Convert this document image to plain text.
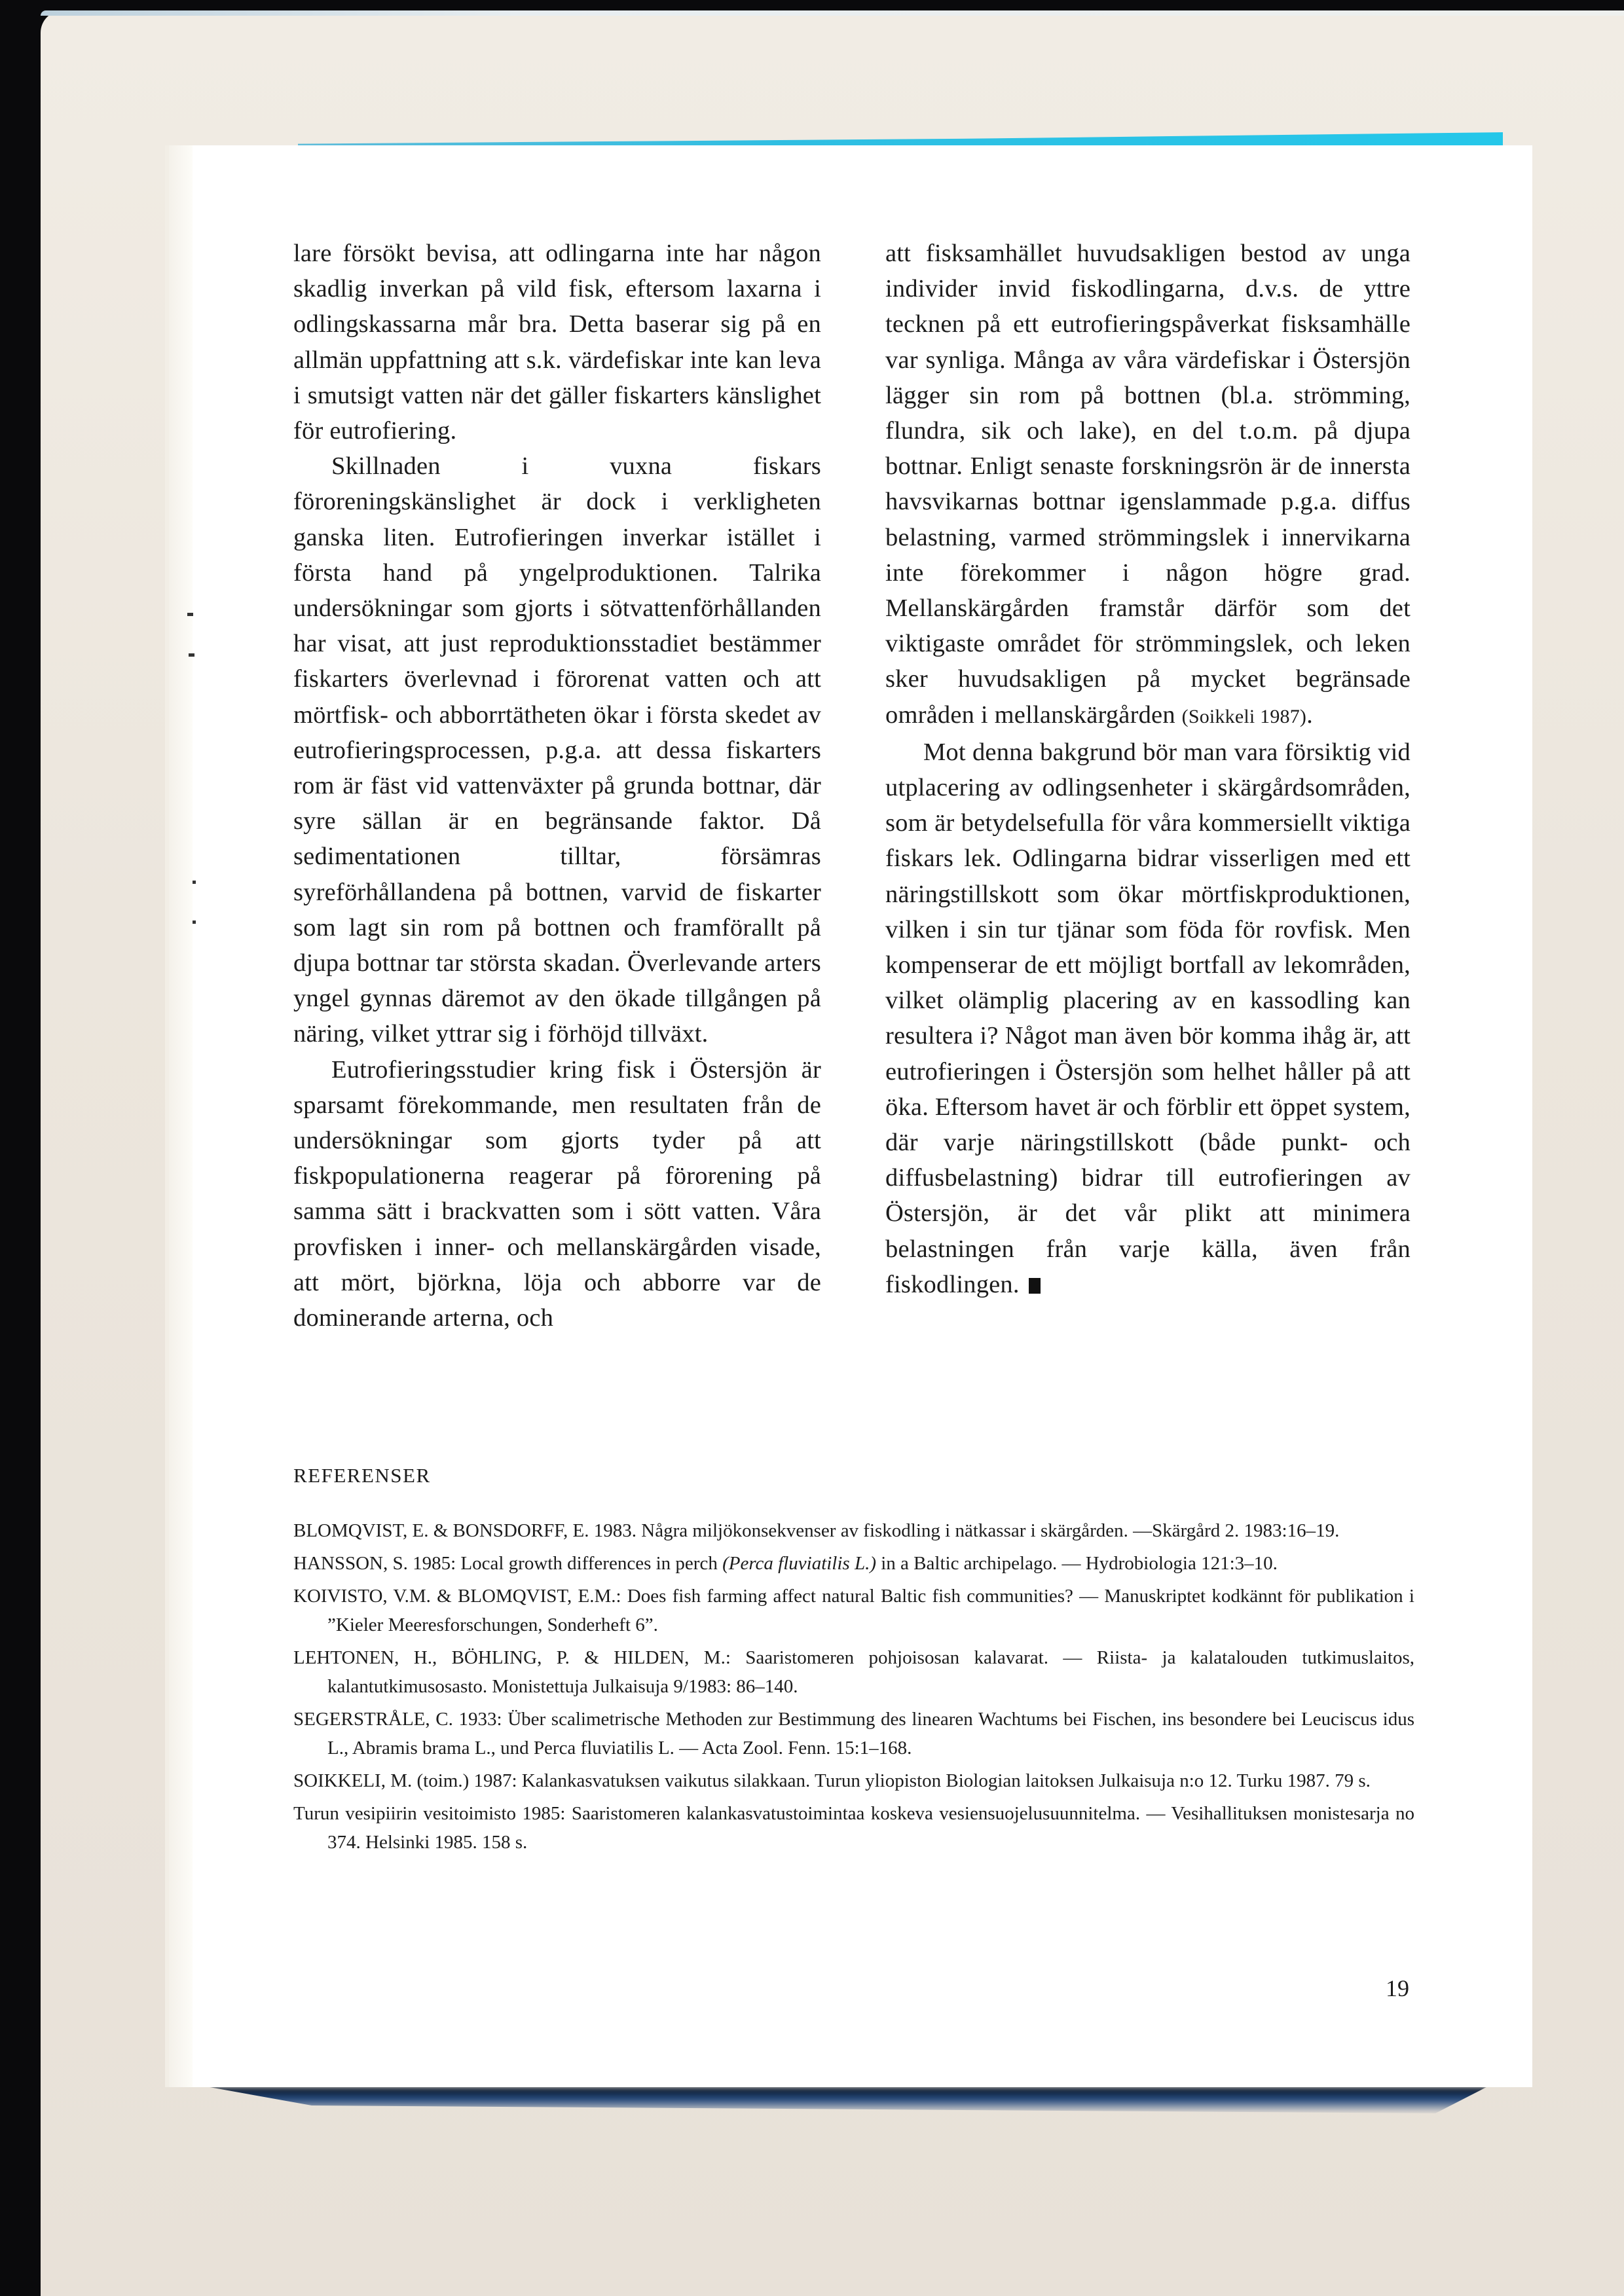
lare försökt bevisa, att odlingarna inte har någon skadlig inverkan på vild fisk, eftersom laxarna i odlingskassarna mår bra. Detta baserar sig på en allmän uppfattning att s.k. värdefiskar inte kan leva i smutsigt vatten när det gäller fiskarters känslighet för eutrofiering.

Skillnaden i vuxna fiskars föroreningskänslighet är dock i verkligheten ganska liten. Eutrofieringen inverkar istället i första hand på yngelproduktionen. Talrika undersökningar som gjorts i sötvattenförhållanden har visat, att just reproduktionsstadiet bestämmer fiskarters överlevnad i förorenat vatten och att mörtfisk- och abborrtätheten ökar i första skedet av eutrofieringsprocessen, p.g.a. att dessa fiskarters rom är fäst vid vattenväxter på grunda bottnar, där syre sällan är en begränsande faktor. Då sedimentationen tilltar, försämras syreförhållandena på bottnen, varvid de fiskarter som lagt sin rom på bottnen och framförallt på djupa bottnar tar största skadan. Överlevande arters yngel gynnas däremot av den ökade tillgången på näring, vilket yttrar sig i förhöjd tillväxt.

Eutrofieringsstudier kring fisk i Östersjön är sparsamt förekommande, men resultaten från de undersökningar som gjorts tyder på att fiskpopulationerna reagerar på förorening på samma sätt i brackvatten som i sött vatten. Våra provfisken i inner- och mellanskärgården visade, att mört, björkna, löja och abborre var de dominerande arterna, och

att fisksamhället huvudsakligen bestod av unga individer invid fiskodlingarna, d.v.s. de yttre tecknen på ett eutrofieringspåverkat fisksamhälle var synliga. Många av våra värdefiskar i Östersjön lägger sin rom på bottnen (bl.a. strömming, flundra, sik och lake), en del t.o.m. på djupa bottnar. Enligt senaste forskningsrön är de innersta havsvikarnas bottnar igenslammade p.g.a. diffus belastning, varmed strömmingslek i innervikarna inte förekommer i någon högre grad. Mellanskärgården framstår därför som det viktigaste området för strömmingslek, och leken sker huvudsakligen på mycket begränsade områden i mellanskärgården (Soikkeli 1987).

Mot denna bakgrund bör man vara försiktig vid utplacering av odlingsenheter i skärgårdsområden, som är betydelsefulla för våra kommersiellt viktiga fiskars lek. Odlingarna bidrar visserligen med ett näringstillskott som ökar mörtfiskproduktionen, vilken i sin tur tjänar som föda för rovfisk. Men kompenserar de ett möjligt bortfall av lekområden, vilket olämplig placering av en kassodling kan resultera i? Något man även bör komma ihåg är, att eutrofieringen i Östersjön som helhet håller på att öka. Eftersom havet är och förblir ett öppet system, där varje näringstillskott (både punkt- och diffusbelastning) bidrar till eutrofieringen av Östersjön, är det vår plikt att minimera belastningen från varje källa, även från fiskodlingen.

REFERENSER
BLOMQVIST, E. & BONSDORFF, E. 1983. Några miljökonsekvenser av fiskodling i nätkassar i skärgården. —Skärgård 2. 1983:16–19.
HANSSON, S. 1985: Local growth differences in perch (Perca fluviatilis L.) in a Baltic archipelago. — Hydrobiologia 121:3–10.
KOIVISTO, V.M. & BLOMQVIST, E.M.: Does fish farming affect natural Baltic fish communities? — Manuskriptet kodkännt för publikation i ”Kieler Meeresforschungen, Sonderheft 6”.
LEHTONEN, H., BÖHLING, P. & HILDEN, M.: Saaristomeren pohjoisosan kalavarat. — Riista- ja kalatalouden tutkimuslaitos, kalantutkimusosasto. Monistettuja Julkaisuja 9/1983: 86–140.
SEGERSTRÅLE, C. 1933: Über scalimetrische Methoden zur Bestimmung des linearen Wachtums bei Fischen, ins besondere bei Leuciscus idus L., Abramis brama L., und Perca fluviatilis L. — Acta Zool. Fenn. 15:1–168.
SOIKKELI, M. (toim.) 1987: Kalankasvatuksen vaikutus silakkaan. Turun yliopiston Biologian laitoksen Julkaisuja n:o 12. Turku 1987. 79 s.
Turun vesipiirin vesitoimisto 1985: Saaristomeren kalankasvatustoimintaa koskeva vesiensuojelusuunnitelma. — Vesihallituksen monistesarja no 374. Helsinki 1985. 158 s.
19
